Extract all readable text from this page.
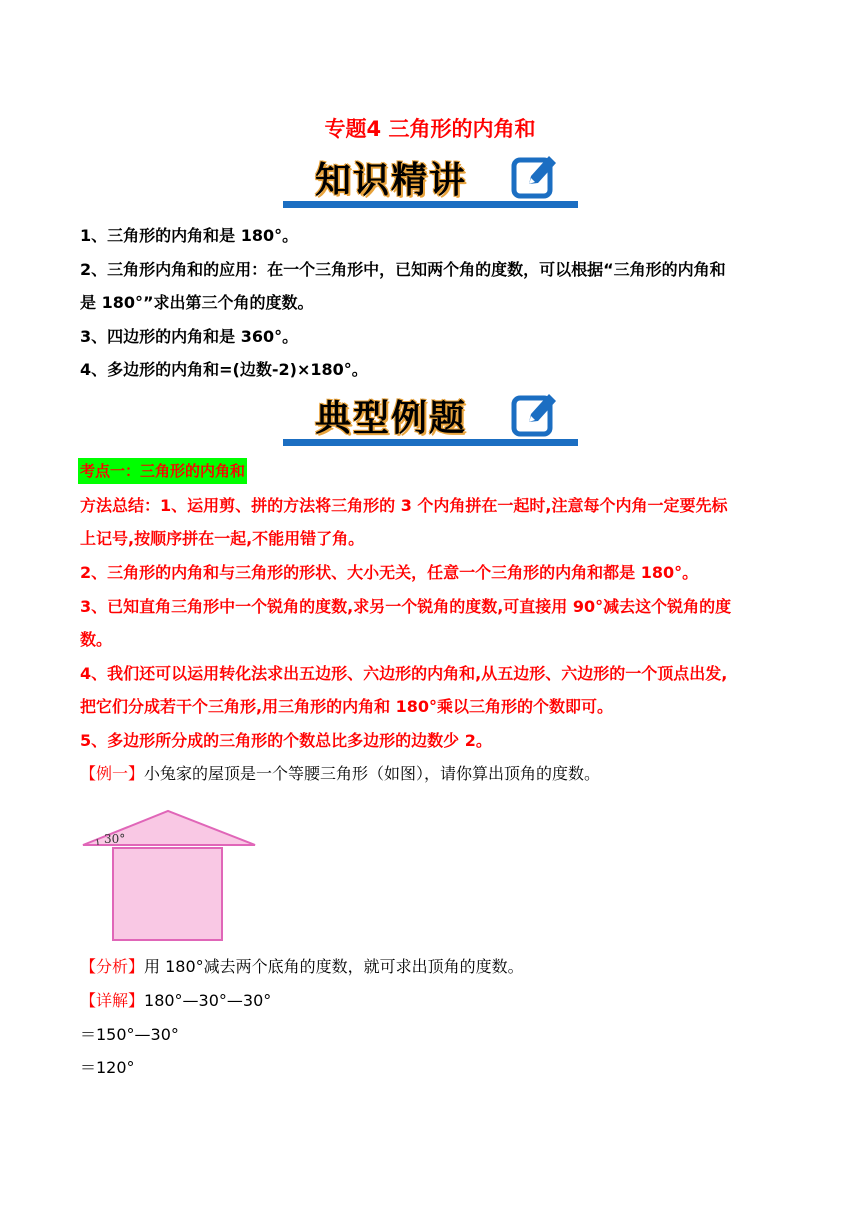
专题4 三角形的内角和
知识精讲
1、三角形的内角和是 180°。
2、三角形内角和的应用：在一个三角形中，已知两个角的度数，可以根据“三角形的内角和
是 180°”求出第三个角的度数。
3、四边形的内角和是 360°。
4、多边形的内角和=(边数-2)×180°。
典型例题
考点一：三角形的内角和
方法总结：1、运用剪、拼的方法将三角形的 3 个内角拼在一起时,注意每个内角一定要先标
上记号,按顺序拼在一起,不能用错了角。
2、三角形的内角和与三角形的形状、大小无关，任意一个三角形的内角和都是 180°。
3、已知直角三角形中一个锐角的度数,求另一个锐角的度数,可直接用 90°减去这个锐角的度
数。
4、我们还可以运用转化法求出五边形、六边形的内角和,从五边形、六边形的一个顶点出发,
把它们分成若干个三角形,用三角形的内角和 180°乘以三角形的个数即可。
5、多边形所分成的三角形的个数总比多边形的边数少 2。
【例一】小兔家的屋顶是一个等腰三角形（如图），请你算出顶角的度数。
30°
【分析】用 180°减去两个底角的度数，就可求出顶角的度数。
【详解】180°—30°—30°
＝150°—30°
＝120°
